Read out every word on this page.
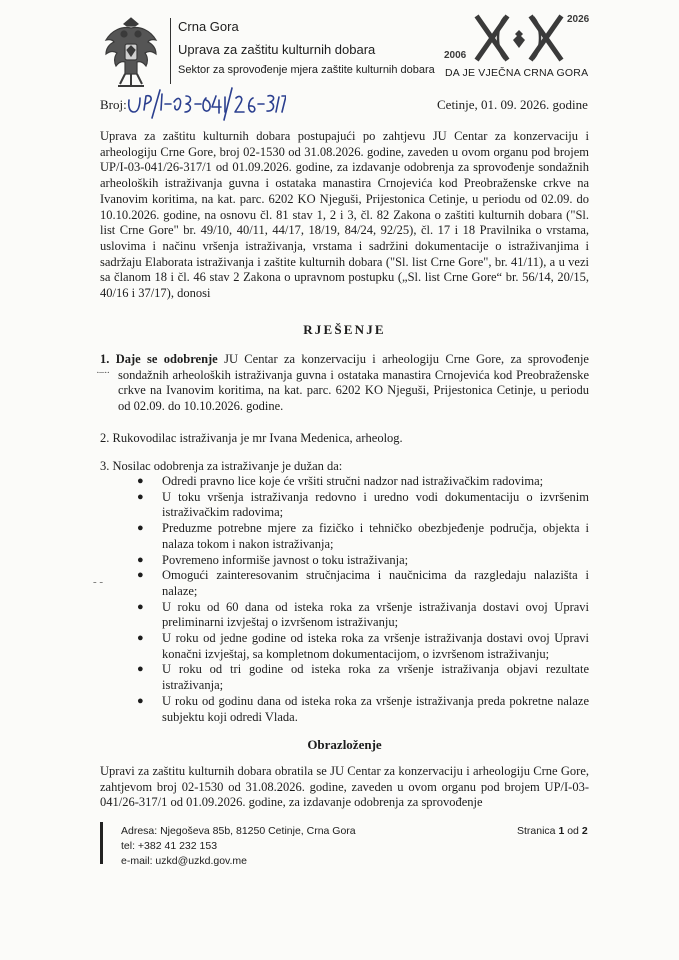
Crna Gora
Uprava za zaštitu kulturnih dobara
Sektor za sprovođenje mjera zaštite kulturnih dobara
2006
2026
DA JE VJEČNA CRNA GORA
Broj:	Cetinje, 01. 09. 2026. godine

Uprava za zaštitu kulturnih dobara postupajući po zahtjevu JU Centar za konzervaciju i arheologiju Crne Gore, broj 02-1530 od 31.08.2026. godine, zaveden u ovom organu pod brojem UP/I-03-041/26-317/1 od 01.09.2026. godine, za izdavanje odobrenja za sprovođenje sondažnih arheoloških istraživanja guvna i ostataka manastira Crnojevića kod Preobraženske crkve na Ivanovim koritima, na kat. parc. 6202 KO Njeguši, Prijestonica Cetinje, u periodu od 02.09. do 10.10.2026. godine, na osnovu čl. 81 stav 1, 2 i 3, čl. 82 Zakona o zaštiti kulturnih dobara ("Sl. list Crne Gore" br. 49/10, 40/11, 44/17, 18/19, 84/24, 92/25), čl. 17 i 18 Pravilnika o vrstama, uslovima i načinu vršenja istraživanja, vrstama i sadržini dokumentacije o istraživanjima i sadržaju Elaborata istraživanja i zaštite kulturnih dobara ("Sl. list Crne Gore", br. 41/11), a u vezi sa članom 18 i čl. 46 stav 2 Zakona o upravnom postupku („Sl. list Crne Gore“ br. 56/14, 20/15, 40/16 i 37/17), donosi

RJEŠENJE
1. Daje se odobrenje JU Centar za konzervaciju i arheologiju Crne Gore, za sprovođenje sondažnih arheoloških istraživanja guvna i ostataka manastira Crnojevića kod Preobraženske crkve na Ivanovim koritima, na kat. parc. 6202 KO Njeguši, Prijestonica Cetinje, u periodu od 02.09. do 10.10.2026. godine.
·−··
2. Rukovodilac istraživanja je mr Ivana Medenica, arheolog.
3. Nosilac odobrenja za istraživanje je dužan da:
● Odredi pravno lice koje će vršiti stručni nadzor nad istraživačkim radovima;
● U toku vršenja istraživanja redovno i uredno vodi dokumentaciju o izvršenim istraživačkim radovima;
● Preduzme potrebne mjere za fizičko i tehničko obezbjeđenje područja, objekta i nalaza tokom i nakon istraživanja;
● Povremeno informiše javnost o toku istraživanja;
● Omogući zainteresovanim stručnjacima i naučnicima da razgledaju nalazišta i nalaze;
● U roku od 60 dana od isteka roka za vršenje istraživanja dostavi ovoj Upravi preliminarni izvještaj o izvršenom istraživanju;
● U roku od jedne godine od isteka roka za vršenje istraživanja dostavi ovoj Upravi konačni izvještaj, sa kompletnom dokumentacijom, o izvršenom istraživanju;
● U roku od tri godine od isteka roka za vršenje istraživanja objavi rezultate istraživanja;
● U roku od godinu dana od isteka roka za vršenje istraživanja preda pokretne nalaze subjektu koji odredi Vlada.
- -
Obrazloženje

Upravi za zaštitu kulturnih dobara obratila se JU Centar za konzervaciju i arheologiju Crne Gore, zahtjevom broj 02-1530 od 31.08.2026. godine, zaveden u ovom organu pod brojem UP/I-03-041/26-317/1 od 01.09.2026. godine, za izdavanje odobrenja za sprovođenje

Adresa: Njegoševa 85b, 81250 Cetinje, Crna Gora
tel: +382 41 232 153
e-mail: uzkd@uzkd.gov.me
Stranica 1 od 2
